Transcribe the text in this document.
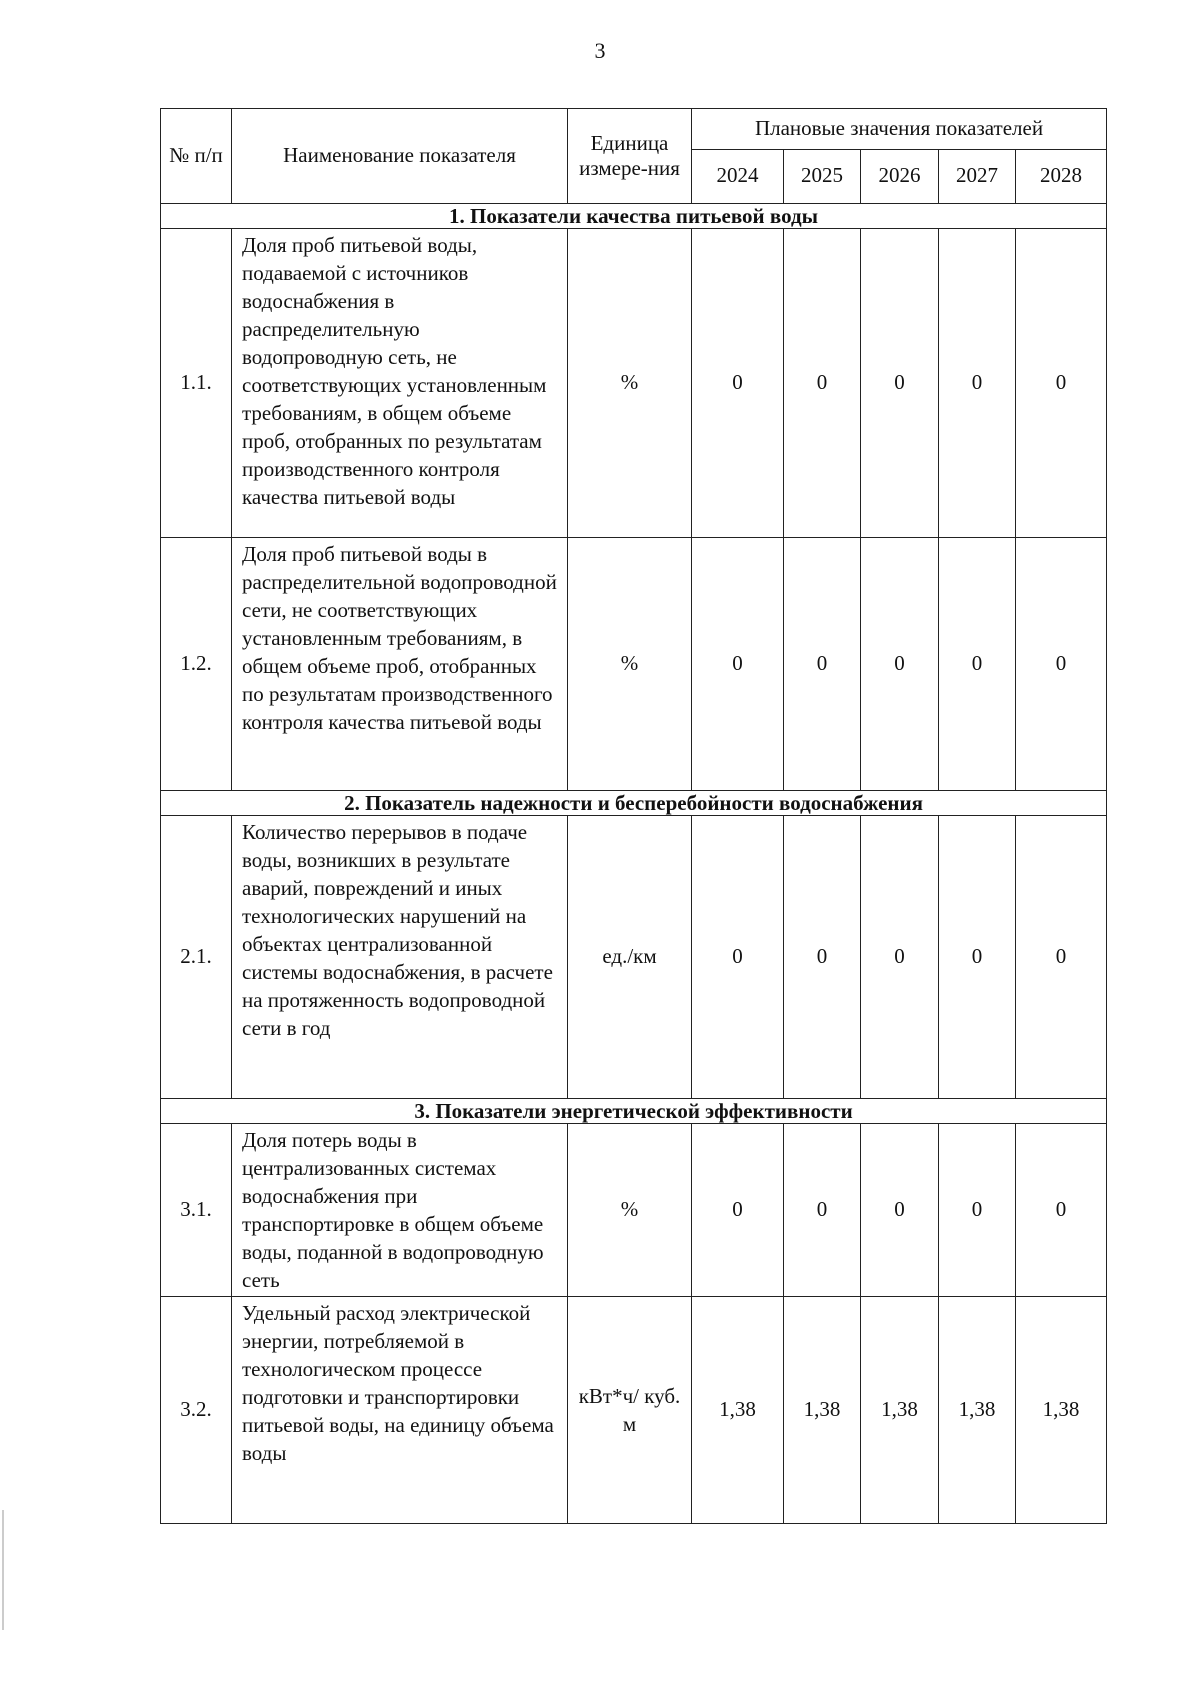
3
№ п/п	Наименование показателя	Единица измере-ния	Плановые значения показателей				
			2024	2025	2026	2027	2028
1. Показатели качества питьевой воды							
1.1.	Доля проб питьевой воды, подаваемой с источников водоснабжения в распределительную водопроводную сеть, не соответствующих установленным требованиям, в общем объеме проб, отобранных по результатам производственного контроля качества питьевой воды	%	0	0	0	0	0
1.2.	Доля проб питьевой воды в распределительной водопроводной сети, не соответствующих установленным требованиям, в общем объеме проб, отобранных по результатам производственного контроля качества питьевой воды	%	0	0	0	0	0
2. Показатель надежности и бесперебойности водоснабжения							
2.1.	Количество перерывов в подаче воды, возникших в результате аварий, повреждений и иных технологических нарушений на объектах централизованной системы водоснабжения, в расчете на протяженность водопроводной сети в год	ед./км	0	0	0	0	0
3. Показатели энергетической эффективности							
3.1.	Доля потерь воды в централизованных системах водоснабжения при транспортировке в общем объеме воды, поданной в водопроводную сеть	%	0	0	0	0	0
3.2.	Удельный расход электрической энергии, потребляемой в технологическом процессе подготовки и транспортировки питьевой воды, на единицу объема воды	кВт*ч/ куб. м	1,38	1,38	1,38	1,38	1,38
